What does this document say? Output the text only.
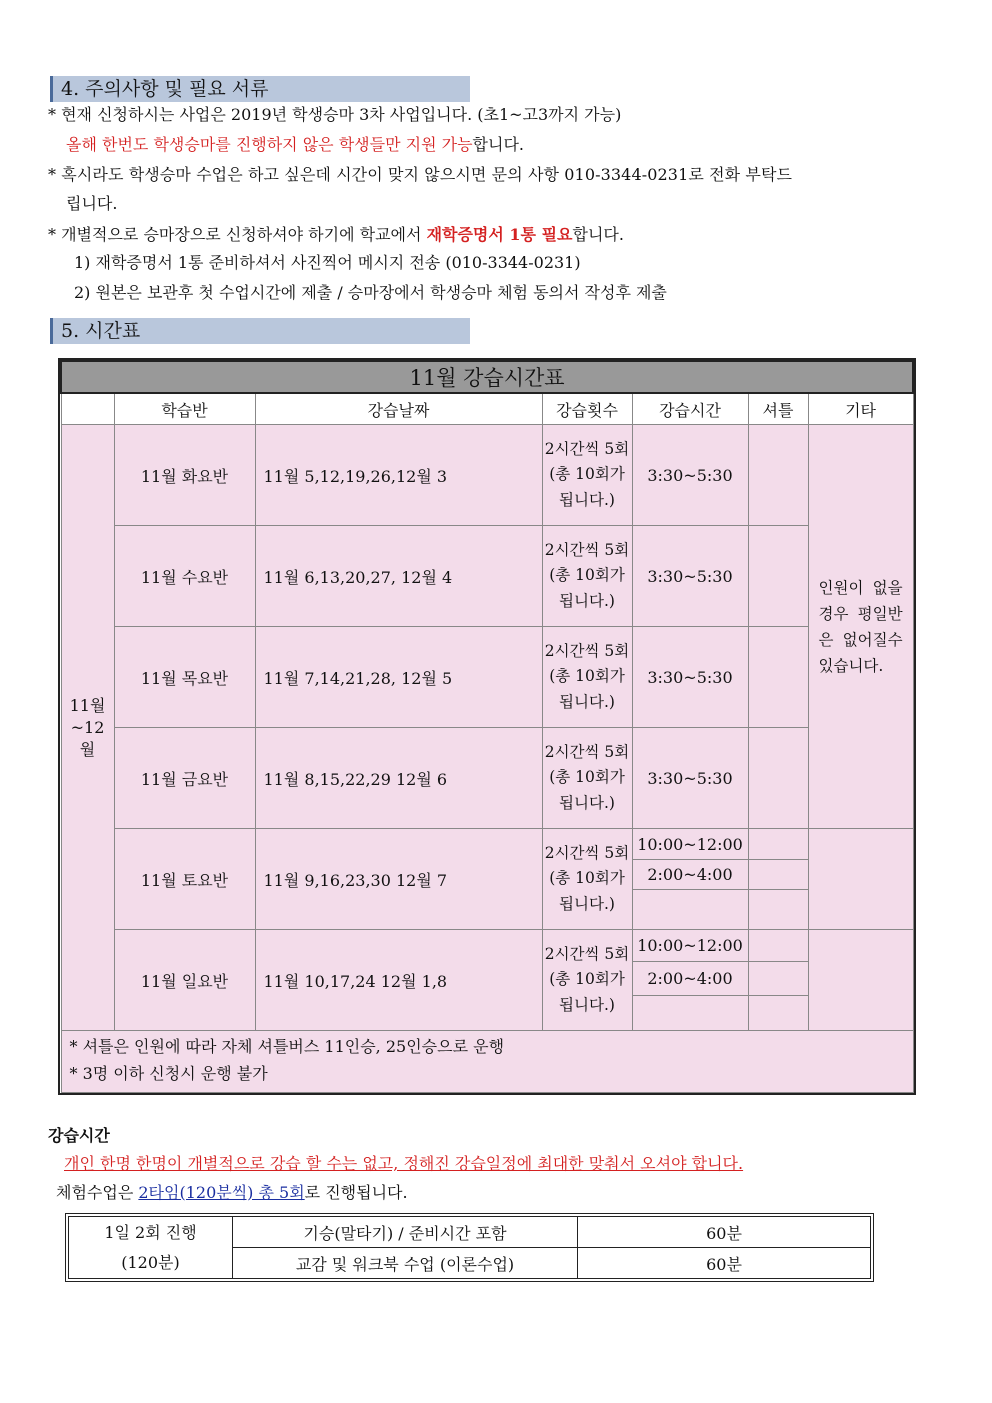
4. 주의사항 및 필요 서류
* 현재 신청하시는 사업은 2019년 학생승마 3차 사업입니다. (초1~고3까지 가능)
올해 한번도 학생승마를 진행하지 않은 학생들만 지원 가능합니다.
* 혹시라도 학생승마 수업은 하고 싶은데 시간이 맞지 않으시면 문의 사항 010-3344-0231로 전화 부탁드
립니다.
* 개별적으로 승마장으로 신청하셔야 하기에 학교에서 재학증명서 1통 필요합니다.
1) 재학증명서 1통 준비하셔서 사진찍어 메시지 전송 (010-3344-0231)
2) 원본은 보관후 첫 수업시간에 제출 / 승마장에서 학생승마 체험 동의서 작성후 제출
5. 시간표
11월 강습시간표						
	학습반	강습날짜	강습횟수	강습시간	셔틀	기타
11월 ~12 월	11월 화요반	11월 5,12,19,26,12월 3	2시간씩 5회 (총 10회가 됩니다.)	3:30~5:30		인원이 없을 경우 평일반은 없어질수 있습니다.
	11월 수요반	11월 6,13,20,27, 12월 4	2시간씩 5회 (총 10회가 됩니다.)	3:30~5:30		
	11월 목요반	11월 7,14,21,28, 12월 5	2시간씩 5회 (총 10회가 됩니다.)	3:30~5:30		
	11월 금요반	11월 8,15,22,29 12월 6	2시간씩 5회 (총 10회가 됩니다.)	3:30~5:30		
	11월 토요반	11월 9,16,23,30 12월 7	2시간씩 5회 (총 10회가 됩니다.)	10:00~12:00		
				2:00~4:00		

	11월 일요반	11월 10,17,24 12월 1,8	2시간씩 5회 (총 10회가 됩니다.)	10:00~12:00		
				2:00~4:00		

* 셔틀은 인원에 따라 자체 셔틀버스 11인승, 25인승으로 운행
* 3명 이하 신청시 운행 불가						
강습시간
개인 한명 한명이 개별적으로 강습 할 수는 없고, 정해진 강습일정에 최대한 맞춰서 오셔야 합니다.
체험수업은 2타임(120분씩) 총 5회로 진행됩니다.
1일 2회 진행
(120분)	기승(말타기) / 준비시간 포함	60분
	교감 및 워크북 수업 (이론수업)	60분
